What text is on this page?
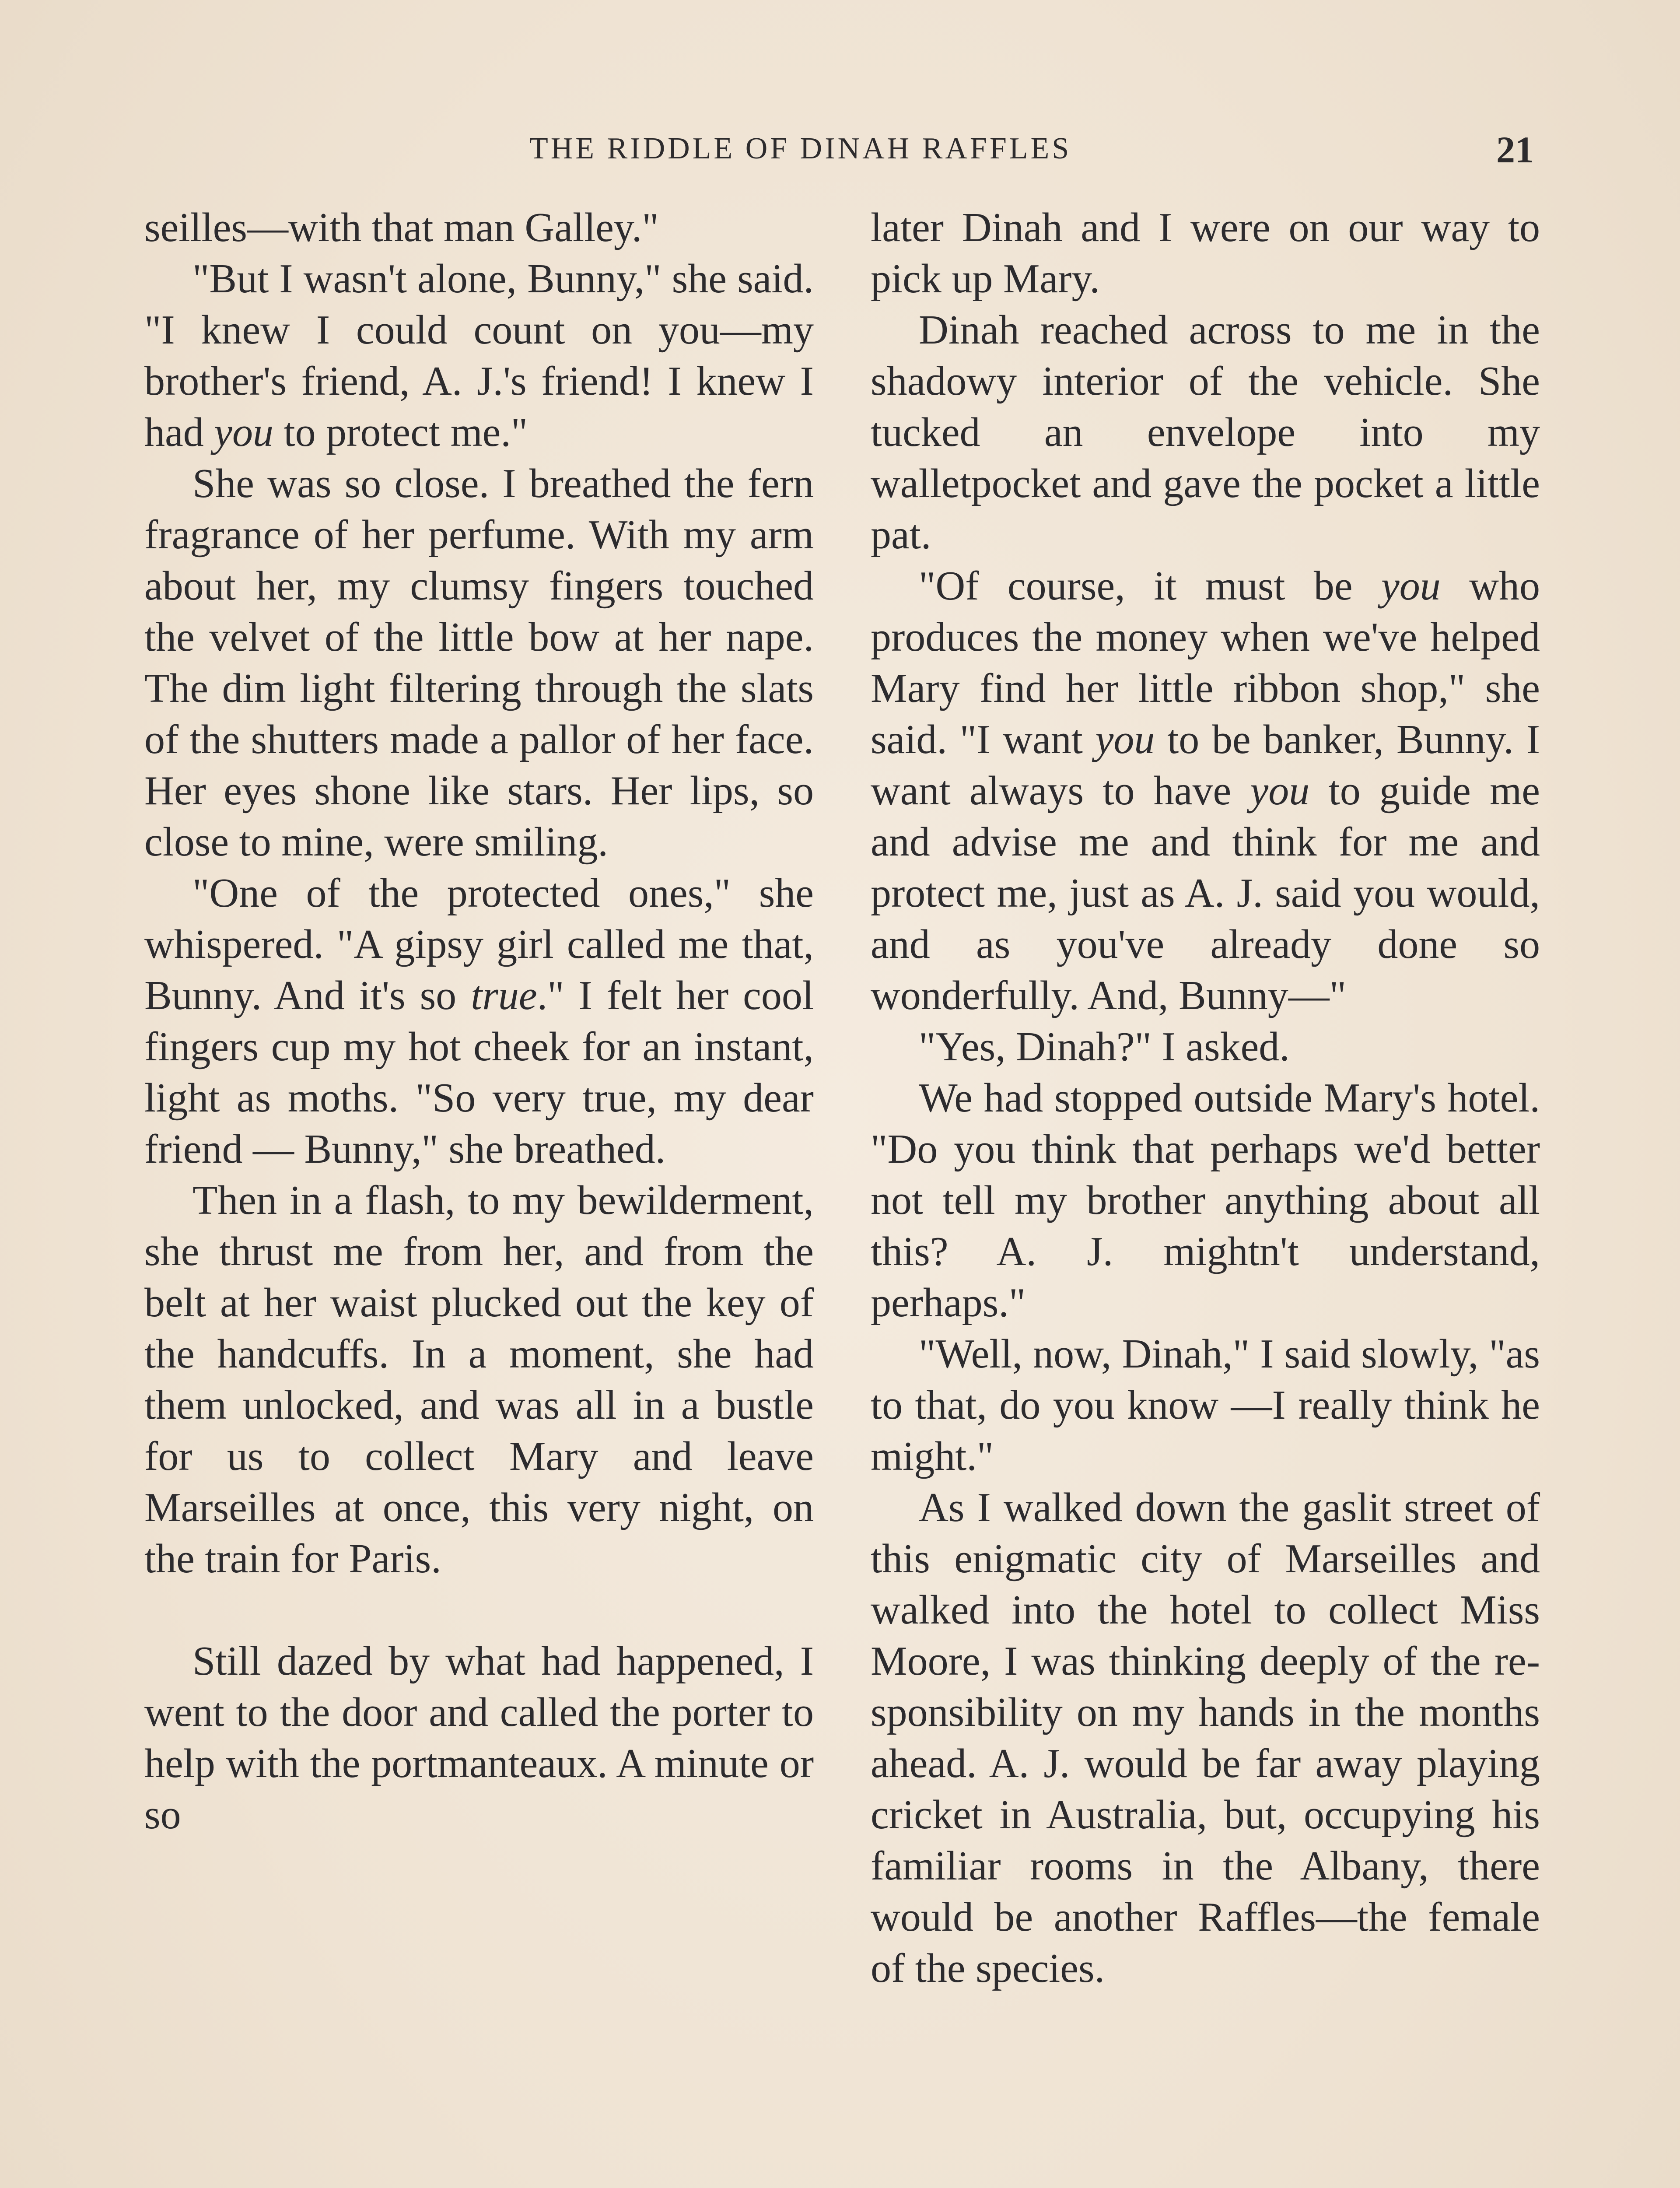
THE RIDDLE OF DINAH RAFFLES	21

seilles—with that man Galley."

"But I wasn't alone, Bunny," she said. "I knew I could count on you—my brother's friend, A. J.'s friend! I knew I had you to protect me."

She was so close. I breathed the fern fragrance of her perfume. With my arm about her, my clumsy fingers touched the velvet of the little bow at her nape. The dim light filtering through the slats of the shutters made a pallor of her face. Her eyes shone like stars. Her lips, so close to mine, were smiling.

"One of the protected ones," she whispered. "A gipsy girl called me that, Bunny. And it's so true." I felt her cool fingers cup my hot cheek for an instant, light as moths. "So very true, my dear friend — Bunny," she breathed.

Then in a flash, to my bewilderment, she thrust me from her, and from the belt at her waist plucked out the key of the handcuffs. In a moment, she had them unlocked, and was all in a bustle for us to collect Mary and leave Marseilles at once, this very night, on the train for Paris.

Still dazed by what had happened, I went to the door and called the porter to help with the portmanteaux. A minute or so

later Dinah and I were on our way to pick up Mary.

Dinah reached across to me in the shadowy interior of the vehicle. She tucked an envelope into my walletpocket and gave the pocket a little pat.

"Of course, it must be you who produces the money when we've helped Mary find her little ribbon shop," she said. "I want you to be banker, Bunny. I want always to have you to guide me and advise me and think for me and protect me, just as A. J. said you would, and as you've already done so wonderfully. And, Bunny—"

"Yes, Dinah?" I asked.

We had stopped outside Mary's hotel. "Do you think that perhaps we'd better not tell my brother anything about all this? A. J. mightn't understand, perhaps."

"Well, now, Dinah," I said slowly, "as to that, do you know —I really think he might."

As I walked down the gaslit street of this enigmatic city of Marseilles and walked into the hotel to collect Miss Moore, I was thinking deeply of the responsibility on my hands in the months ahead. A. J. would be far away playing cricket in Australia, but, occupying his familiar rooms in the Albany, there would be another Raffles—the female of the species.
